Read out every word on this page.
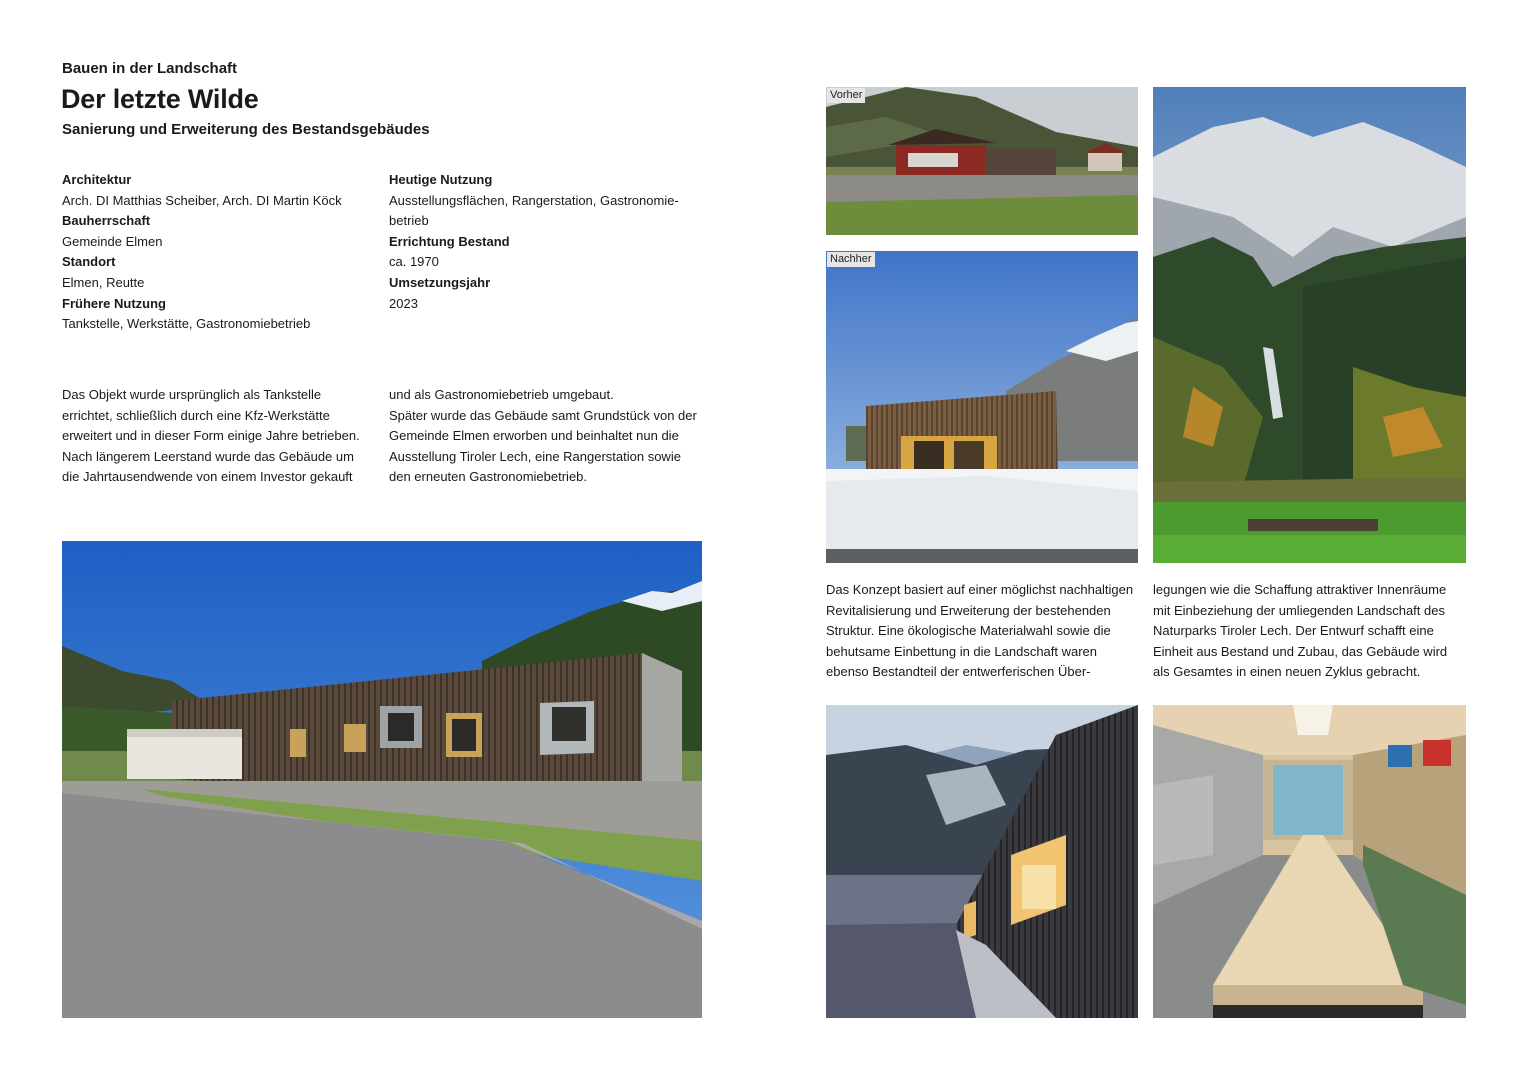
Bauen in der Landschaft
Der letzte Wilde
Sanierung und Erweiterung des Bestandsgebäudes
Architektur
Arch. DI Matthias Scheiber, Arch. DI Martin Köck
Bauherrschaft
Gemeinde Elmen
Standort
Elmen, Reutte
Frühere Nutzung
Tankstelle, Werkstätte, Gastronomiebetrieb
Heutige Nutzung
Ausstellungsflächen, Rangerstation, Gastronomie-
betrieb
Errichtung Bestand
ca. 1970
Umsetzungsjahr
2023
Das Objekt wurde ursprünglich als Tankstelle
errichtet, schließlich durch eine Kfz-Werkstätte
erweitert und in dieser Form einige Jahre betrieben.
Nach längerem Leerstand wurde das Gebäude um
die Jahrtausendwende von einem Investor gekauft
und als Gastronomiebetrieb umgebaut.
Später wurde das Gebäude samt Grundstück von der
Gemeinde Elmen erworben und beinhaltet nun die
Ausstellung Tiroler Lech, eine Rangerstation sowie
den erneuten Gastronomiebetrieb.
Das Konzept basiert auf einer möglichst nachhaltigen
Revitalisierung und Erweiterung der bestehenden
Struktur. Eine ökologische Materialwahl sowie die
behutsame Einbettung in die Landschaft waren
ebenso Bestandteil der entwerferischen Über-
legungen wie die Schaffung attraktiver Innenräume
mit Einbeziehung der umliegenden Landschaft des
Naturparks Tiroler Lech. Der Entwurf schafft eine
Einheit aus Bestand und Zubau, das Gebäude wird
als Gesamtes in einen neuen Zyklus gebracht.
Vorher
Nachher
